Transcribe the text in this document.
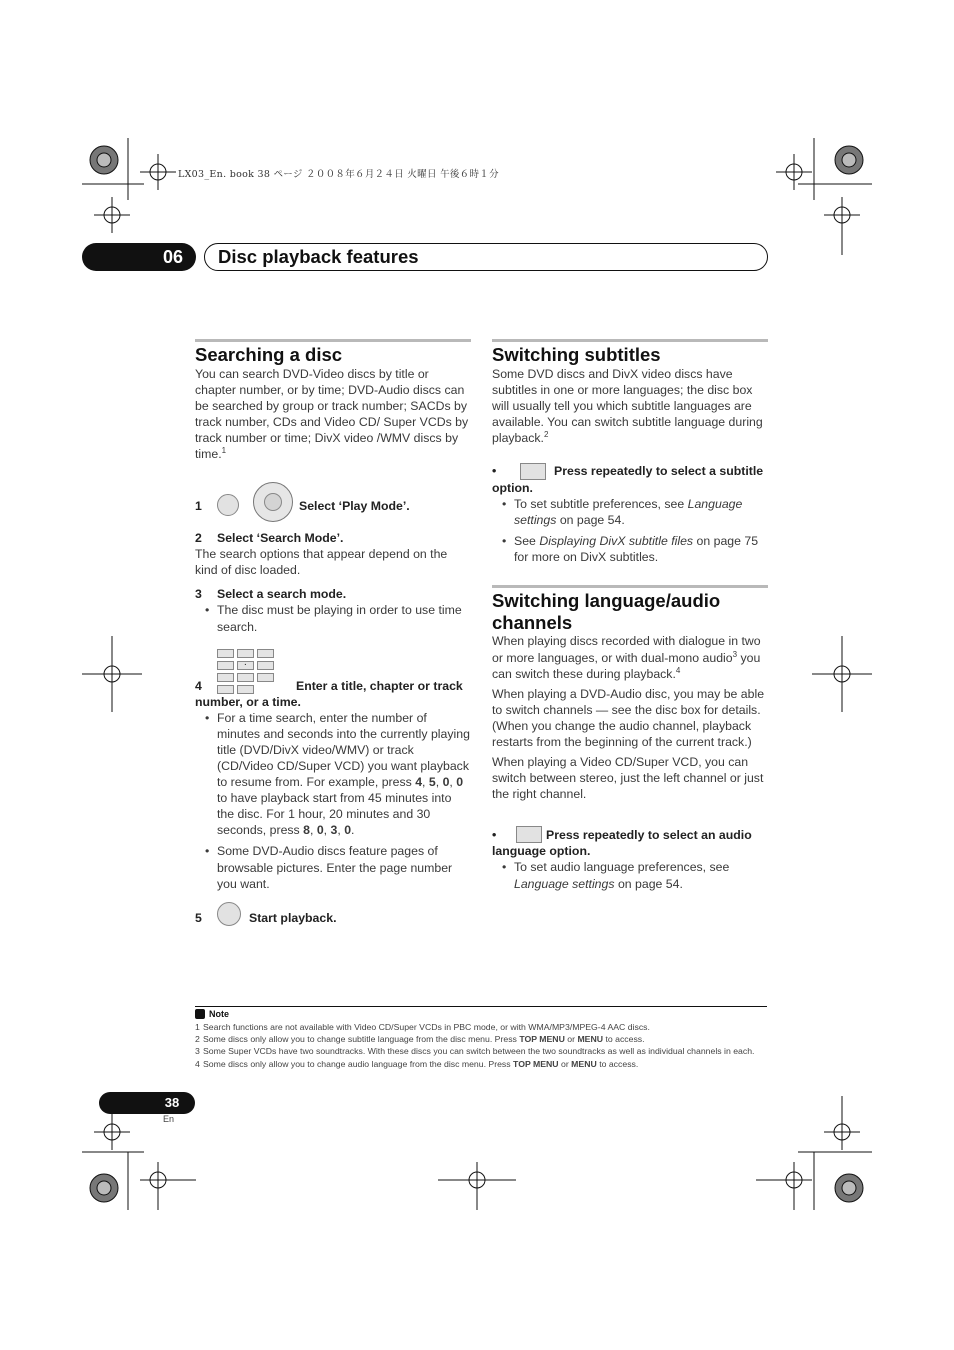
LX03_En. book 38 ページ ２００８年６月２４日 火曜日 午後６時１分
06	Disc playback features
Searching a disc

You can search DVD-Video discs by title or chapter number, or by time; DVD-Audio discs can be searched by group or track number; SACDs by track number, CDs and Video CD/ Super VCDs by track number or time; DivX video /WMV discs by time.$^1$

1	Select ‘Play Mode’.
2	Select ‘Search Mode’.

The search options that appear depend on the kind of disc loaded.

3	Select a search mode.
• The disc must be playing in order to use time search.
4
·
Enter a title, chapter or track
number, or a time.
• For a time search, enter the number of minutes and seconds into the currently playing title (DVD/DivX video/WMV) or track (CD/Video CD/Super VCD) you want playback to resume from. For example, press 4, 5, 0, 0 to have playback start from 45 minutes into the disc. For 1 hour, 20 minutes and 30 seconds, press 8, 0, 3, 0.
• Some DVD-Audio discs feature pages of browsable pictures. Enter the page number you want.
5	Start playback.
Switching subtitles

Some DVD discs and DivX video discs have subtitles in one or more languages; the disc box will usually tell you which subtitle languages are available. You can switch subtitle language during playback.$^2$

•	Press repeatedly to select a subtitle
option.
• To set subtitle preferences, see Language settings on page 54.
• See Displaying DivX subtitle files on page 75 for more on DivX subtitles.
Switching language/audio channels

When playing discs recorded with dialogue in two or more languages, or with dual-mono audio$^3$ you can switch these during playback.$^4$

When playing a DVD-Audio disc, you may be able to switch channels — see the disc box for details. (When you change the audio channel, playback restarts from the beginning of the current track.)

When playing a Video CD/Super VCD, you can switch between stereo, just the left channel or just the right channel.

•	Press repeatedly to select an audio
language option.
• To set audio language preferences, see Language settings on page 54.
Note
1 Search functions are not available with Video CD/Super VCDs in PBC mode, or with WMA/MP3/MPEG-4 AAC discs.
2 Some discs only allow you to change subtitle language from the disc menu. Press TOP MENU or MENU to access.
3 Some Super VCDs have two soundtracks. With these discs you can switch between the two soundtracks as well as individual channels in each.
4 Some discs only allow you to change audio language from the disc menu. Press TOP MENU or MENU to access.
38
En
